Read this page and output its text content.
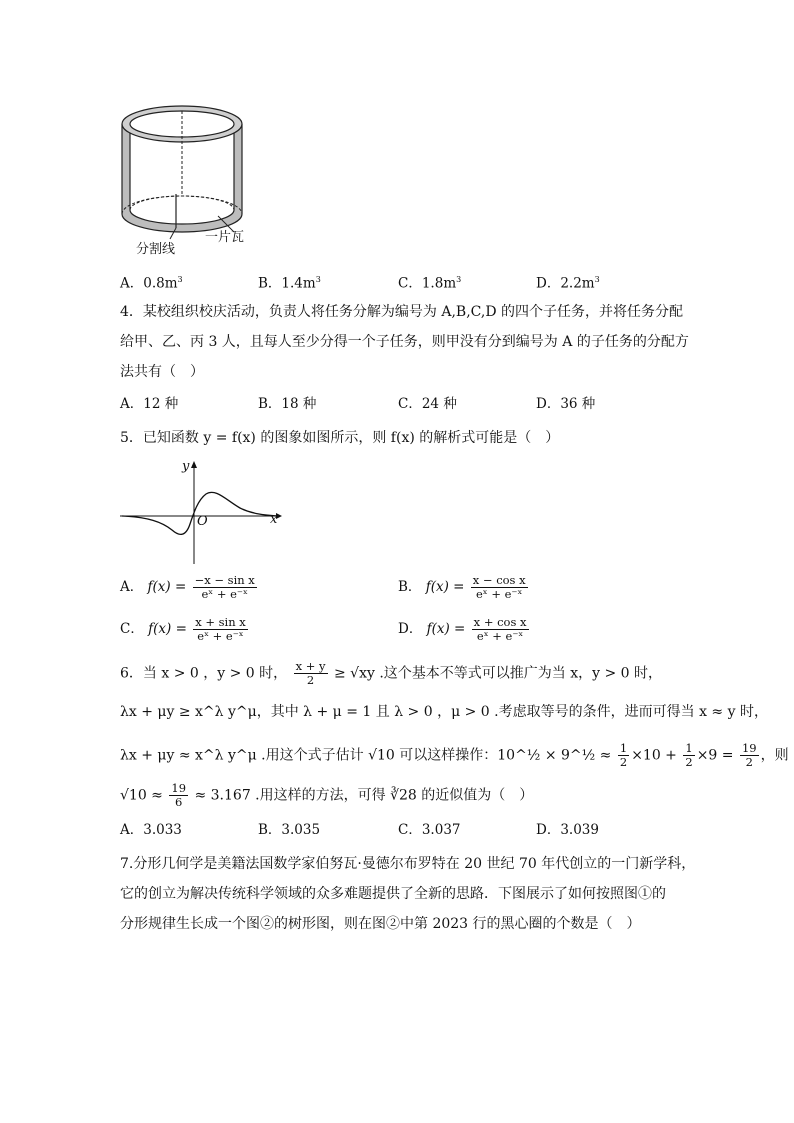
分割线
一片瓦
A．$0.8m^3$	B．$1.4m^3$	C．$1.8m^3$	D．$2.2m^3$
4．某校组织校庆活动，负责人将任务分解为编号为 A,B,C,D 的四个子任务，并将任务分配
给甲、乙、丙 3 人，且每人至少分得一个子任务，则甲没有分到编号为 A 的子任务的分配方
法共有（　）
A．12 种	B．18 种	C．24 种	D．36 种
5．已知函数 y = f(x) 的图象如图所示，则 f(x) 的解析式可能是（　）
y
x
O
A． $f(x) = \frac{\text{−x − sin x}}{\text{eˣ + e⁻ˣ}}$	B． $f(x) = \frac{\text{x − cos x}}{\text{eˣ + e⁻ˣ}}$
C． $f(x) = \frac{\text{x + sin x}}{\text{eˣ + e⁻ˣ}}$	D． $f(x) = \frac{\text{x + cos x}}{\text{eˣ + e⁻ˣ}}$
6．当 x > 0 ，y > 0 时， $\frac{x + y}{2} \ge √xy$ .这个基本不等式可以推广为当 x，y > 0 时，
λx + μy ≥ x^λ y^μ，其中 λ + μ = 1 且 λ > 0 ，μ > 0 .考虑取等号的条件，进而可得当 x ≈ y 时，
λx + μy ≈ x^λ y^μ .用这个式子估计 √10 可以这样操作：10^½ × 9^½ ≈ $\frac{1}{2} \times 10 + \frac{1}{2} \times 9 = \frac{19}{2}$ ，则
$√10 \approx \frac{19}{6} \approx 3.167$ .用这样的方法，可得 ∛28 的近似值为（　）
A．3.033	B．3.035	C．3.037	D．3.039
7.分形几何学是美籍法国数学家伯努瓦·曼德尔布罗特在 20 世纪 70 年代创立的一门新学科，
它的创立为解决传统科学领域的众多难题提供了全新的思路．下图展示了如何按照图①的
分形规律生长成一个图②的树形图，则在图②中第 2023 行的黑心圈的个数是（　）
